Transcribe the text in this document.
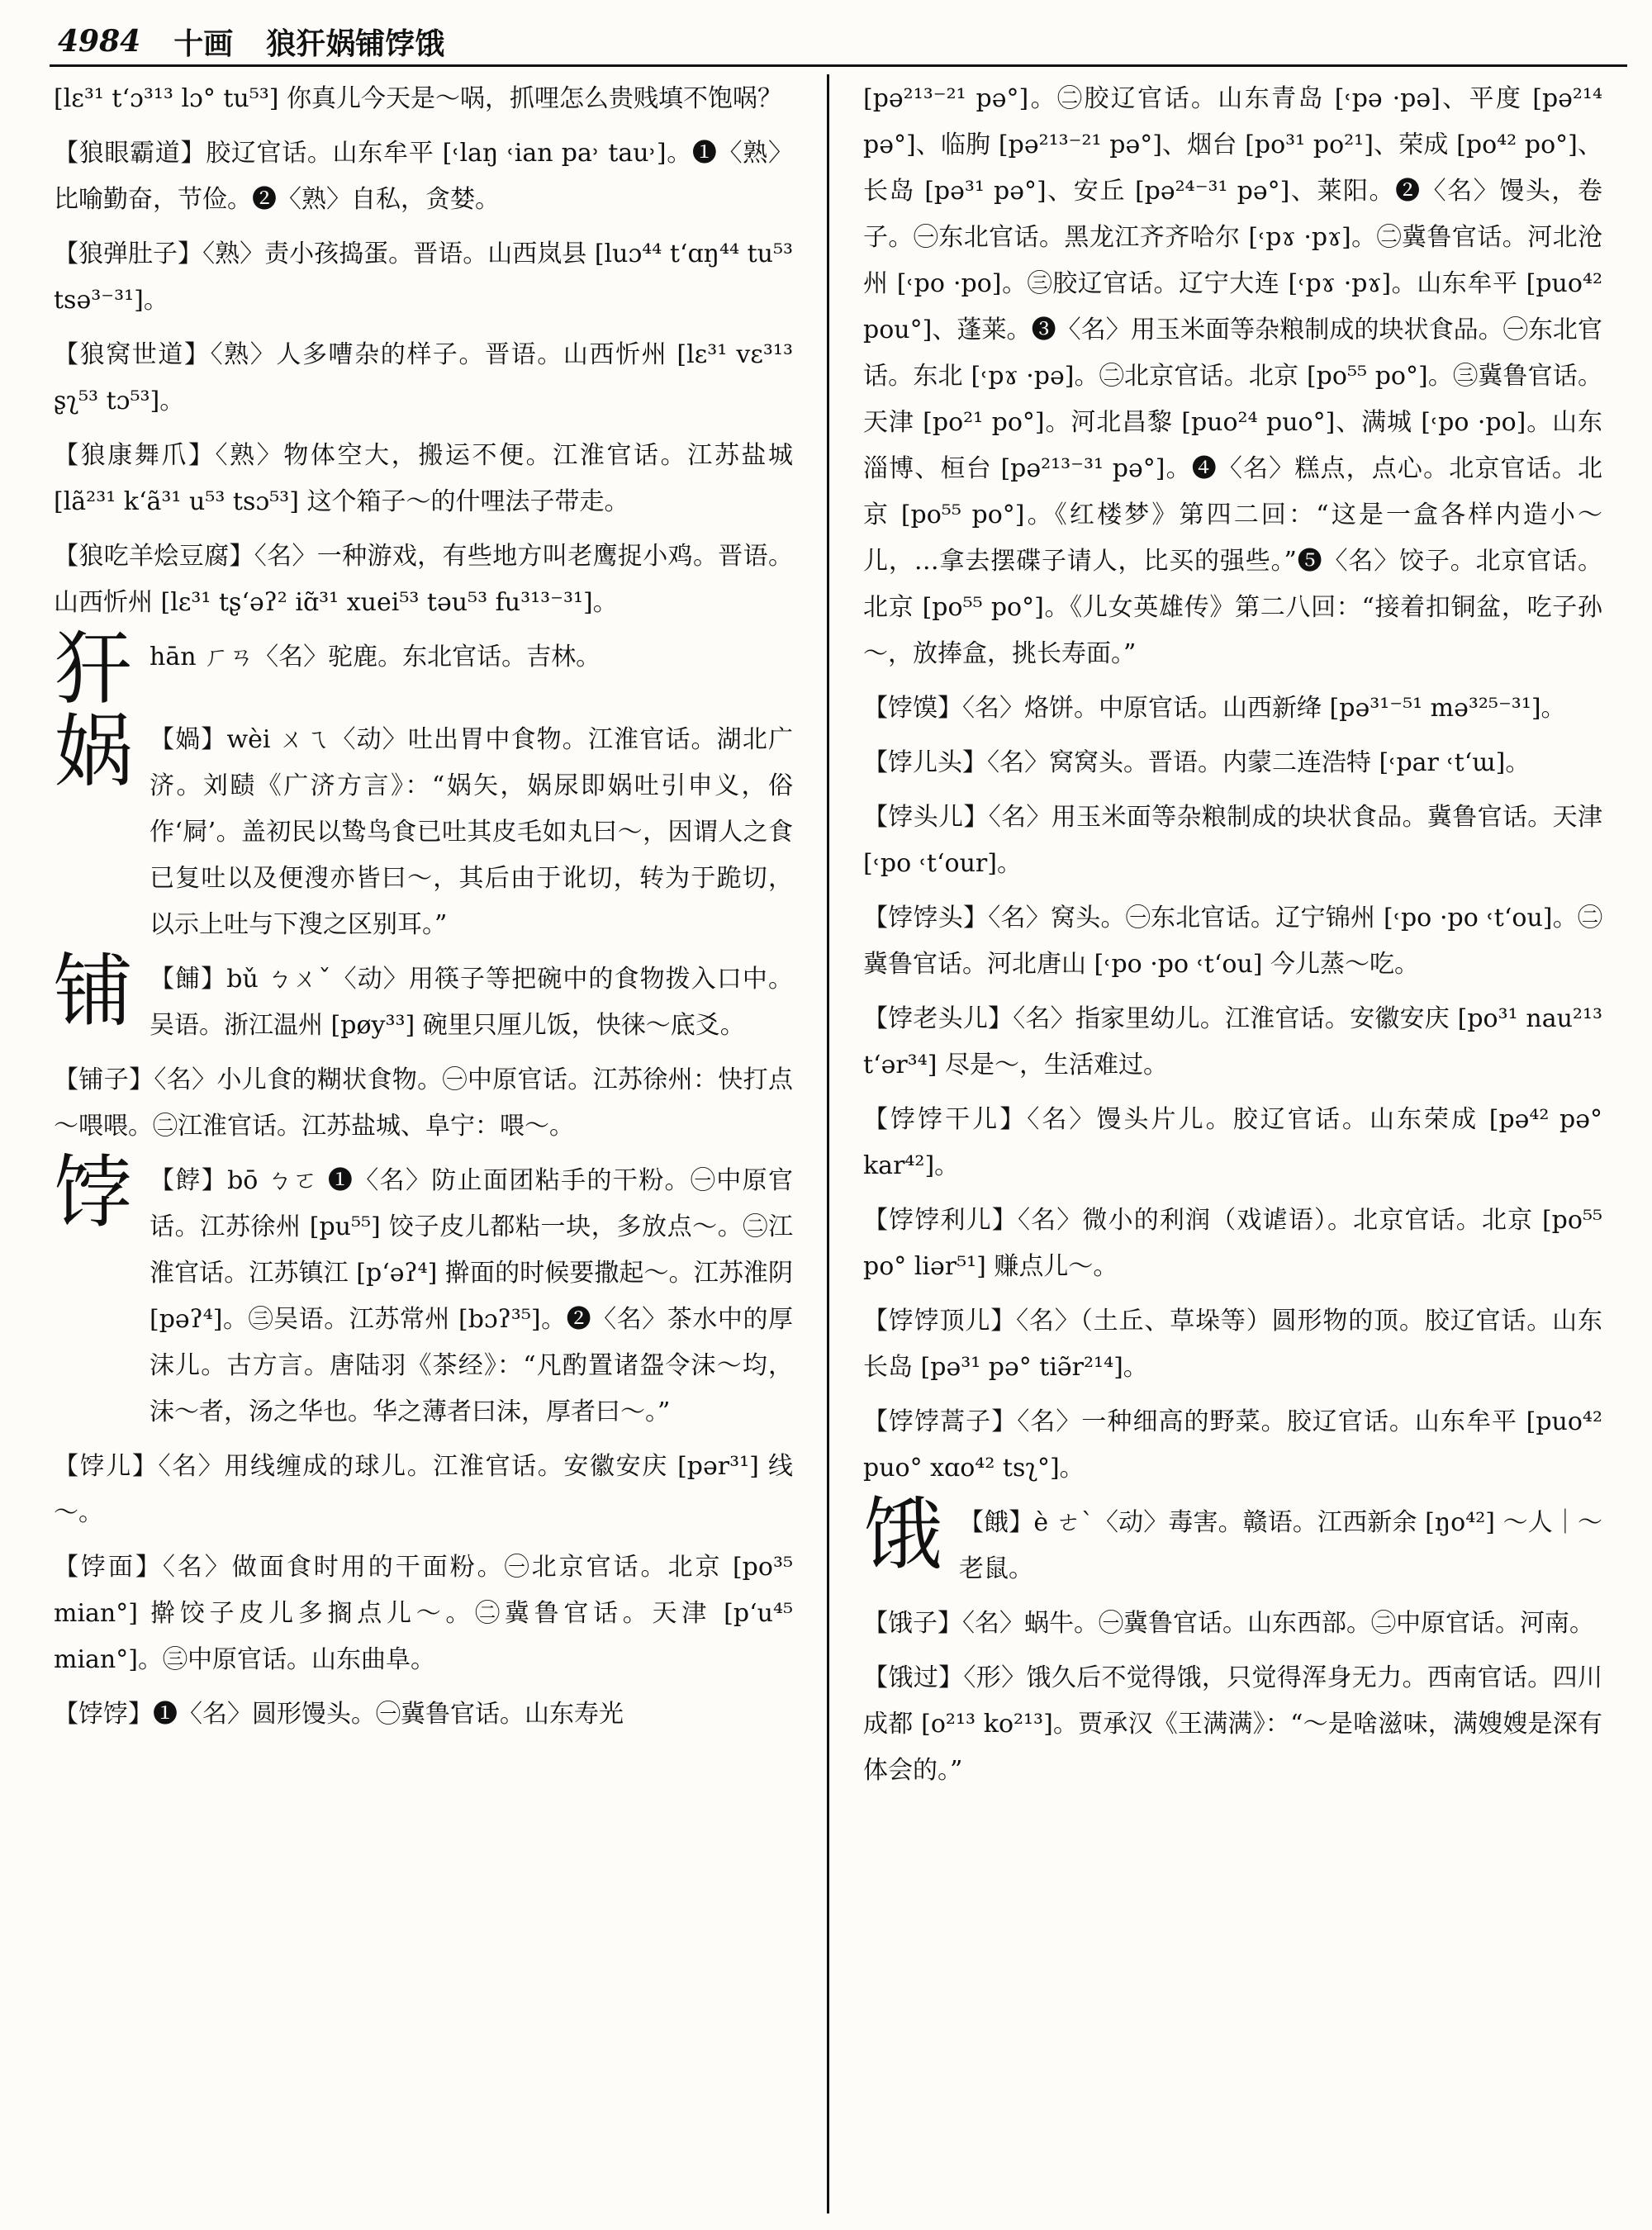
4984 十画 狼犴娲铺饽饿

[lɛ³¹ tʻɔ³¹³ lɔ° tu⁵³] 你真儿今天是～㖞，抓哩怎么贵贱填不饱㖞？

【狼眼霸道】胶辽官话。山东牟平 [˓laŋ ˓ian pa˒ tau˒]。❶〈熟〉比喻勤奋，节俭。❷〈熟〉自私，贪婪。

【狼弹肚子】〈熟〉责小孩捣蛋。晋语。山西岚县 [luɔ⁴⁴ tʻɑŋ⁴⁴ tu⁵³ tsə³⁻³¹]。

【狼窝世道】〈熟〉人多嘈杂的样子。晋语。山西忻州 [lɛ³¹ vɛ³¹³ ʂʅ⁵³ tɔ⁵³]。

【狼康舞爪】〈熟〉物体空大，搬运不便。江淮官话。江苏盐城 [lã²³¹ kʻã³¹ u⁵³ tsɔ⁵³] 这个箱子～的什哩法子带走。

【狼吃羊烩豆腐】〈名〉一种游戏，有些地方叫老鹰捉小鸡。晋语。山西忻州 [lɛ³¹ tʂʻəʔ² iɑ̃³¹ xuei⁵³ təu⁵³ fu³¹³⁻³¹]。

犴 hān ㄏㄢ〈名〉驼鹿。东北官话。吉林。
娲 【媧】wèi ㄨㄟ〈动〉吐出胃中食物。江淮官话。湖北广济。刘赜《广济方言》：“娲矢，娲尿即娲吐引申义，俗作‘屙’。盖初民以鸷鸟食已吐其皮毛如丸曰～，因谓人之食已复吐以及便溲亦皆曰～，其后由于讹切，转为于跪切，以示上吐与下溲之区别耳。”
铺 【餔】bǔ ㄅㄨˇ〈动〉用筷子等把碗中的食物拨入口中。吴语。浙江温州 [pøy³³] 碗里只厘儿饭，快徕～底爻。

【铺子】〈名〉小儿食的糊状食物。㊀中原官话。江苏徐州：快打点～喂喂。㊁江淮官话。江苏盐城、阜宁：喂～。

饽 【餑】bō ㄅㄛ ❶〈名〉防止面团粘手的干粉。㊀中原官话。江苏徐州 [pu⁵⁵] 饺子皮儿都粘一块，多放点～。㊁江淮官话。江苏镇江 [pʻəʔ⁴] 擀面的时候要撒起～。江苏淮阴 [pəʔ⁴]。㊂吴语。江苏常州 [bɔʔ³⁵]。❷〈名〉茶水中的厚沫儿。古方言。唐陆羽《茶经》：“凡酌置诸盌令沫～均，沫～者，汤之华也。华之薄者曰沫，厚者曰～。”

【饽儿】〈名〉用线缠成的球儿。江淮官话。安徽安庆 [pər³¹] 线～。

【饽面】〈名〉做面食时用的干面粉。㊀北京官话。北京 [po³⁵ mian°] 擀饺子皮儿多搁点儿～。㊁冀鲁官话。天津 [pʻu⁴⁵ mian°]。㊂中原官话。山东曲阜。

【饽饽】❶〈名〉圆形馒头。㊀冀鲁官话。山东寿光

[pə²¹³⁻²¹ pə°]。㊁胶辽官话。山东青岛 [˓pə ·pə]、平度 [pə²¹⁴ pə°]、临朐 [pə²¹³⁻²¹ pə°]、烟台 [po³¹ po²¹]、荣成 [po⁴² po°]、长岛 [pə³¹ pə°]、安丘 [pə²⁴⁻³¹ pə°]、莱阳。❷〈名〉馒头，卷子。㊀东北官话。黑龙江齐齐哈尔 [˓pɤ ·pɤ]。㊁冀鲁官话。河北沧州 [˓po ·po]。㊂胶辽官话。辽宁大连 [˓pɤ ·pɤ]。山东牟平 [puo⁴² pou°]、蓬莱。❸〈名〉用玉米面等杂粮制成的块状食品。㊀东北官话。东北 [˓pɤ ·pə]。㊁北京官话。北京 [po⁵⁵ po°]。㊂冀鲁官话。天津 [po²¹ po°]。河北昌黎 [puo²⁴ puo°]、满城 [˓po ·po]。山东淄博、桓台 [pə²¹³⁻³¹ pə°]。❹〈名〉糕点，点心。北京官话。北京 [po⁵⁵ po°]。《红楼梦》第四二回：“这是一盒各样内造小～儿，…拿去摆碟子请人，比买的强些。”❺〈名〉饺子。北京官话。北京 [po⁵⁵ po°]。《儿女英雄传》第二八回：“接着扣铜盆，吃子孙～，放捧盒，挑长寿面。”

【饽馍】〈名〉烙饼。中原官话。山西新绛 [pə³¹⁻⁵¹ mə³²⁵⁻³¹]。

【饽儿头】〈名〉窝窝头。晋语。内蒙二连浩特 [˓par ˓tʻɯ]。

【饽头儿】〈名〉用玉米面等杂粮制成的块状食品。冀鲁官话。天津 [˓po ˓tʻour]。

【饽饽头】〈名〉窝头。㊀东北官话。辽宁锦州 [˓po ·po ˓tʻou]。㊁冀鲁官话。河北唐山 [˓po ·po ˓tʻou] 今儿蒸～吃。

【饽老头儿】〈名〉指家里幼儿。江淮官话。安徽安庆 [po³¹ nau²¹³ tʻər³⁴] 尽是～，生活难过。

【饽饽干儿】〈名〉馒头片儿。胶辽官话。山东荣成 [pə⁴² pə° kar⁴²]。

【饽饽利儿】〈名〉微小的利润（戏谑语）。北京官话。北京 [po⁵⁵ po° liər⁵¹] 赚点儿～。

【饽饽顶儿】〈名〉（土丘、草垛等）圆形物的顶。胶辽官话。山东长岛 [pə³¹ pə° tiə̃r²¹⁴]。

【饽饽蒿子】〈名〉一种细高的野菜。胶辽官话。山东牟平 [puo⁴² puo° xɑo⁴² tsʅ°]。

饿 【餓】è ㄜˋ〈动〉毒害。赣语。江西新余 [ŋo⁴²] ～人｜～老鼠。

【饿子】〈名〉蜗牛。㊀冀鲁官话。山东西部。㊁中原官话。河南。

【饿过】〈形〉饿久后不觉得饿，只觉得浑身无力。西南官话。四川成都 [o²¹³ ko²¹³]。贾承汉《王满满》：“～是啥滋味，满嫂嫂是深有体会的。”
